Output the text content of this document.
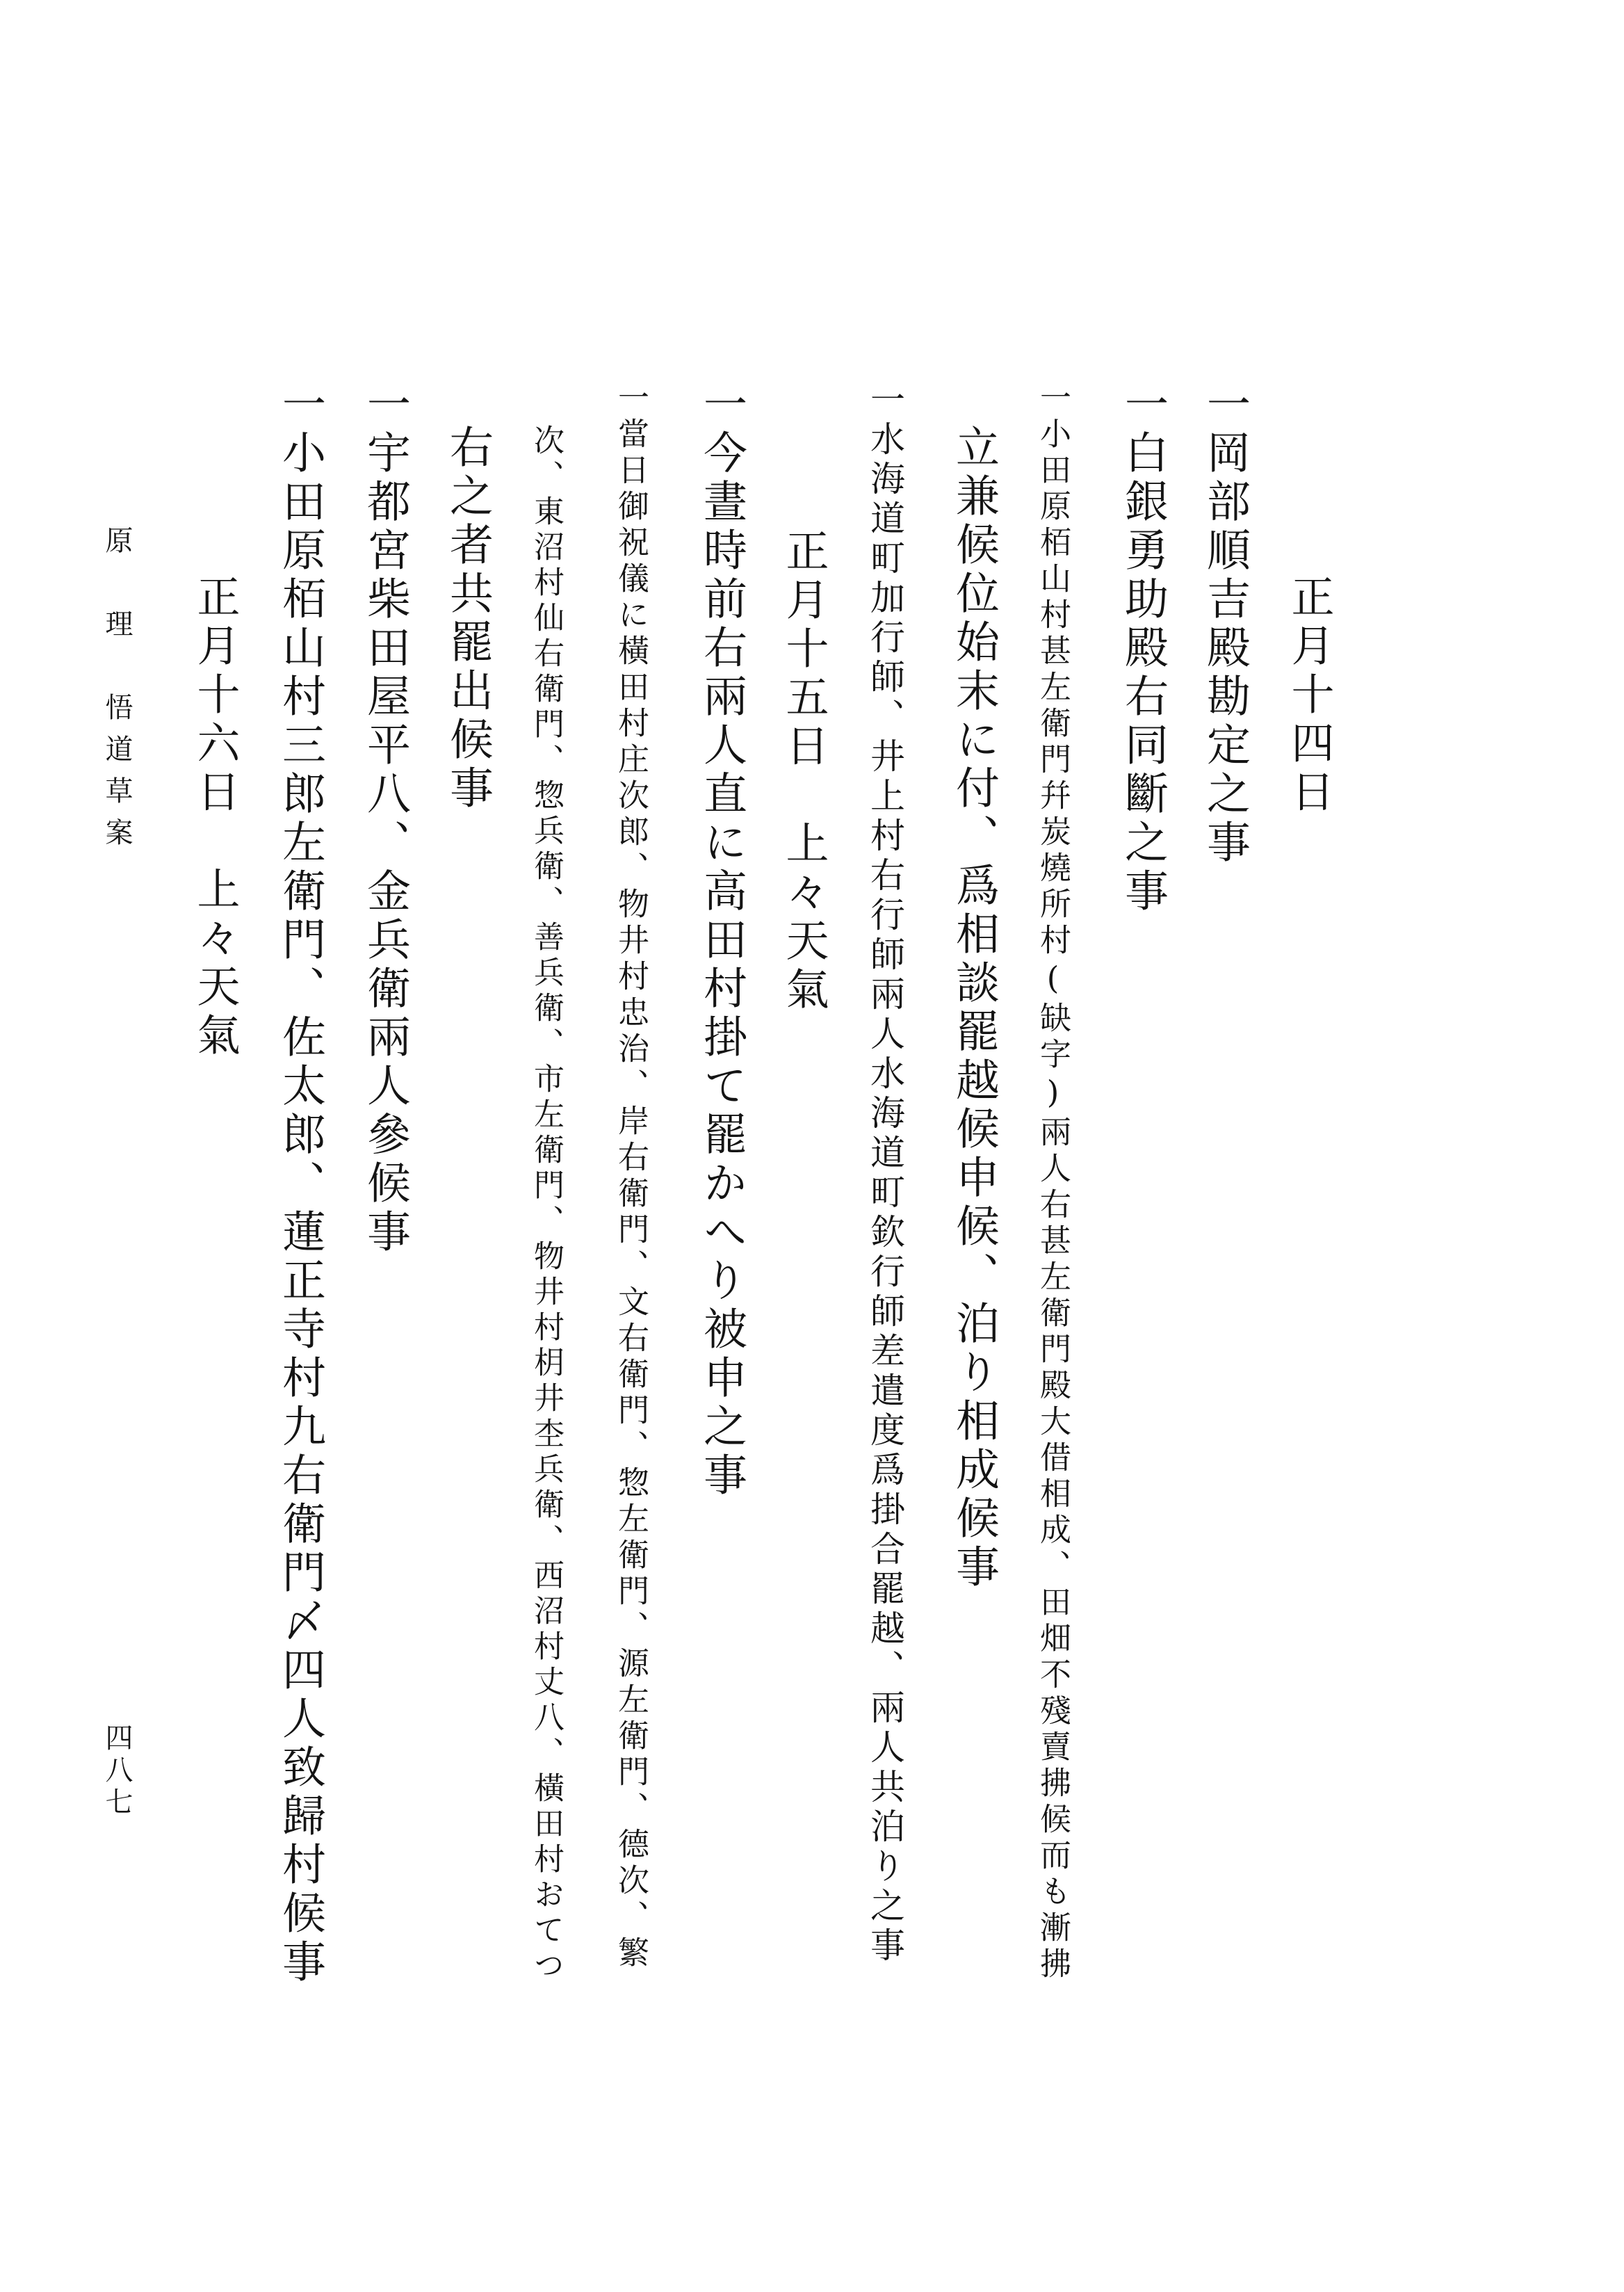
正月十四日
一岡部順吉殿勘定之事
一白銀勇助殿右同斷之事
一小田原栢山村甚左衛門幷炭燒所村(缺字)兩人右甚左衛門殿大借相成、田畑不殘賣拂候而も漸拂
立兼候位始末に付、爲相談罷越候申候、泊り相成候事
一水海道町加行師、井上村右行師兩人水海道町欽行師差遣度爲掛合罷越、兩人共泊り之事
正月十五日　上々天氣
一今晝時前右兩人直に高田村掛て罷かへり被申之事
一當日御祝儀に橫田村庄次郎、物井村忠治、岸右衛門、文右衛門、惣左衛門、源左衛門、德次、繁
次、東沼村仙右衛門、惣兵衛、善兵衛、市左衛門、物井村枂井杢兵衛、西沼村丈八、橫田村おてつ
右之者共罷出候事
一宇都宮柴田屋平八、金兵衛兩人參候事
一小田原栢山村三郎左衛門、佐太郎、蓮正寺村九右衛門〆四人致歸村候事
正月十六日　上々天氣
原　理　悟道草案
四八七
